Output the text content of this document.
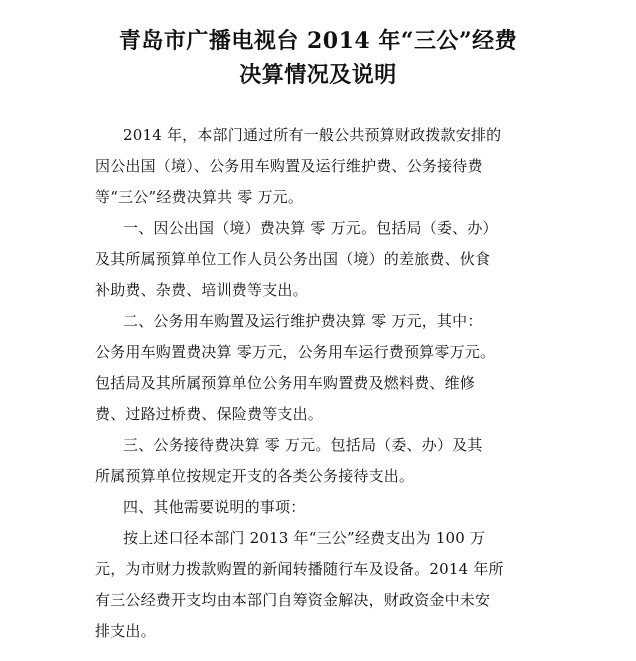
青岛市广播电视台 2014 年“三公”经费
决算情况及说明
2014 年，本部门通过所有一般公共预算财政拨款安排的
因公出国（境）、公务用车购置及运行维护费、公务接待费
等“三公”经费决算共 零 万元。
一、因公出国（境）费决算 零 万元。包括局（委、办）
及其所属预算单位工作人员公务出国（境）的差旅费、伙食
补助费、杂费、培训费等支出。
二、公务用车购置及运行维护费决算 零 万元，其中：
公务用车购置费决算 零万元，公务用车运行费预算零万元。
包括局及其所属预算单位公务用车购置费及燃料费、维修
费、过路过桥费、保险费等支出。
三、公务接待费决算 零 万元。包括局（委、办）及其
所属预算单位按规定开支的各类公务接待支出。
四、其他需要说明的事项：
按上述口径本部门 2013 年“三公”经费支出为 100 万
元，为市财力拨款购置的新闻转播随行车及设备。2014 年所
有三公经费开支均由本部门自筹资金解决，财政资金中未安
排支出。
